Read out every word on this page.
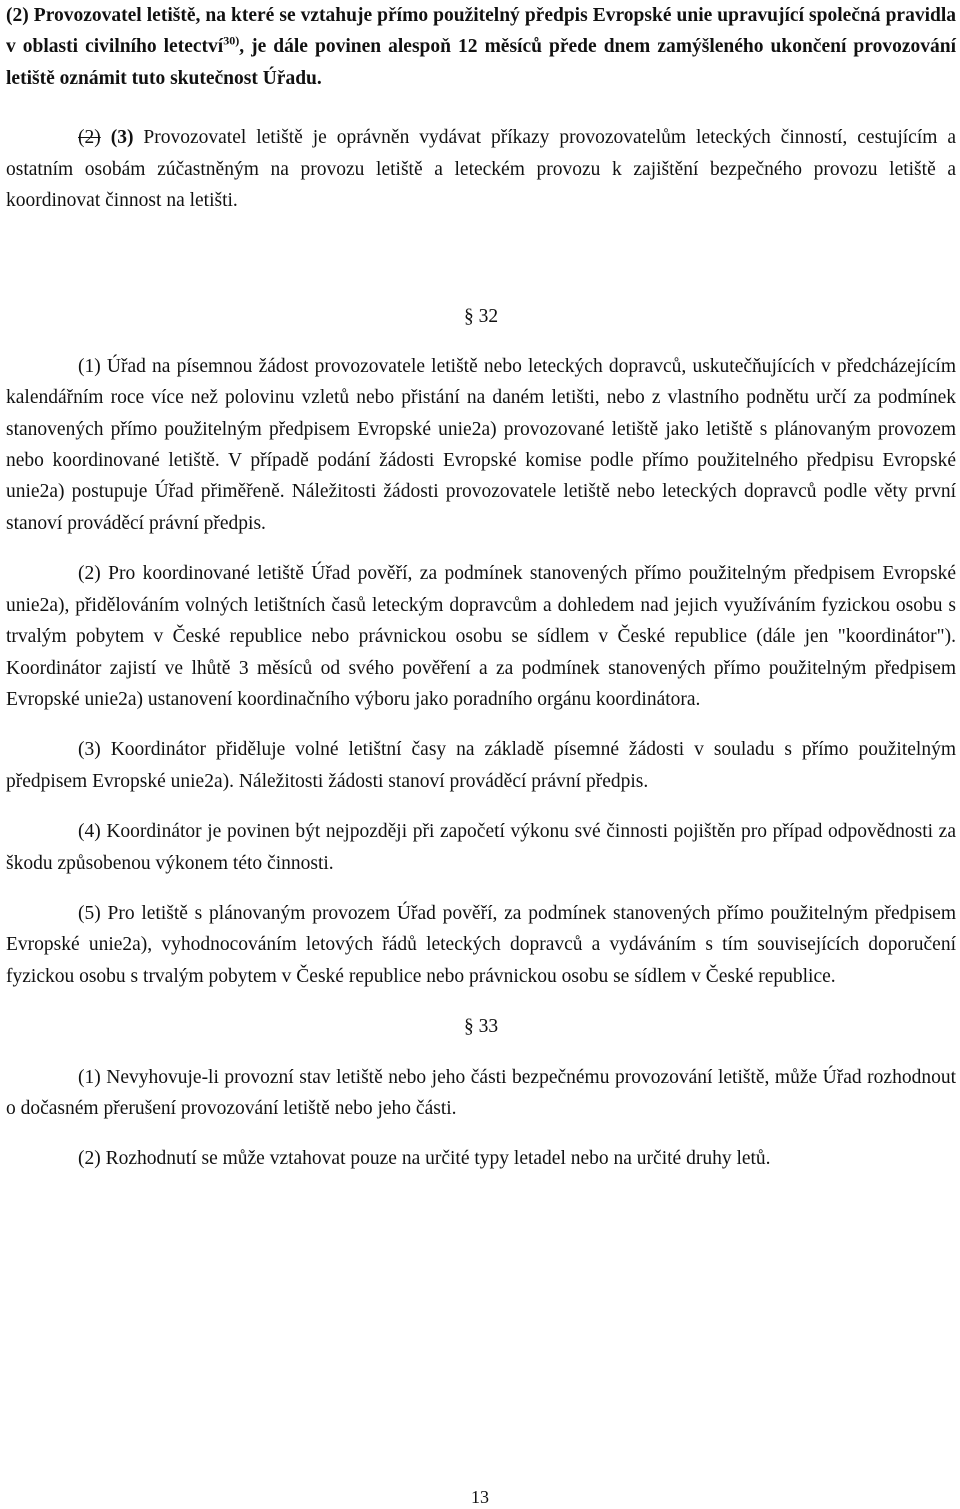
(2) Provozovatel letiště, na které se vztahuje přímo použitelný předpis Evropské unie upravující společná pravidla v oblasti civilního letectví$^{30)}$, je dále povinen alespoň 12 měsíců přede dnem zamýšleného ukončení provozování letiště oznámit tuto skutečnost Úřadu.

(2) (3) Provozovatel letiště je oprávněn vydávat příkazy provozovatelům leteckých činností, cestujícím a ostatním osobám zúčastněným na provozu letiště a leteckém provozu k zajištění bezpečného provozu letiště a koordinovat činnost na letišti.

§ 32

(1) Úřad na písemnou žádost provozovatele letiště nebo leteckých dopravců, uskutečňujících v předcházejícím kalendářním roce více než polovinu vzletů nebo přistání na daném letišti, nebo z vlastního podnětu určí za podmínek stanovených přímo použitelným předpisem Evropské unie2a) provozované letiště jako letiště s plánovaným provozem nebo koordinované letiště. V případě podání žádosti Evropské komise podle přímo použitelného předpisu Evropské unie2a) postupuje Úřad přiměřeně. Náležitosti žádosti provozovatele letiště nebo leteckých dopravců podle věty první stanoví prováděcí právní předpis.

(2) Pro koordinované letiště Úřad pověří, za podmínek stanovených přímo použitelným předpisem Evropské unie2a), přidělováním volných letištních časů leteckým dopravcům a dohledem nad jejich využíváním fyzickou osobu s trvalým pobytem v České republice nebo právnickou osobu se sídlem v České republice (dále jen "koordinátor"). Koordinátor zajistí ve lhůtě 3 měsíců od svého pověření a za podmínek stanovených přímo použitelným předpisem Evropské unie2a) ustanovení koordinačního výboru jako poradního orgánu koordinátora.

(3) Koordinátor přiděluje volné letištní časy na základě písemné žádosti v souladu s přímo použitelným předpisem Evropské unie2a). Náležitosti žádosti stanoví prováděcí právní předpis.

(4) Koordinátor je povinen být nejpozději při započetí výkonu své činnosti pojištěn pro případ odpovědnosti za škodu způsobenou výkonem této činnosti.

(5) Pro letiště s plánovaným provozem Úřad pověří, za podmínek stanovených přímo použitelným předpisem Evropské unie2a), vyhodnocováním letových řádů leteckých dopravců a vydáváním s tím souvisejících doporučení fyzickou osobu s trvalým pobytem v České republice nebo právnickou osobu se sídlem v České republice.

§ 33

(1) Nevyhovuje-li provozní stav letiště nebo jeho části bezpečnému provozování letiště, může Úřad rozhodnout o dočasném přerušení provozování letiště nebo jeho části.

(2) Rozhodnutí se může vztahovat pouze na určité typy letadel nebo na určité druhy letů.

13
